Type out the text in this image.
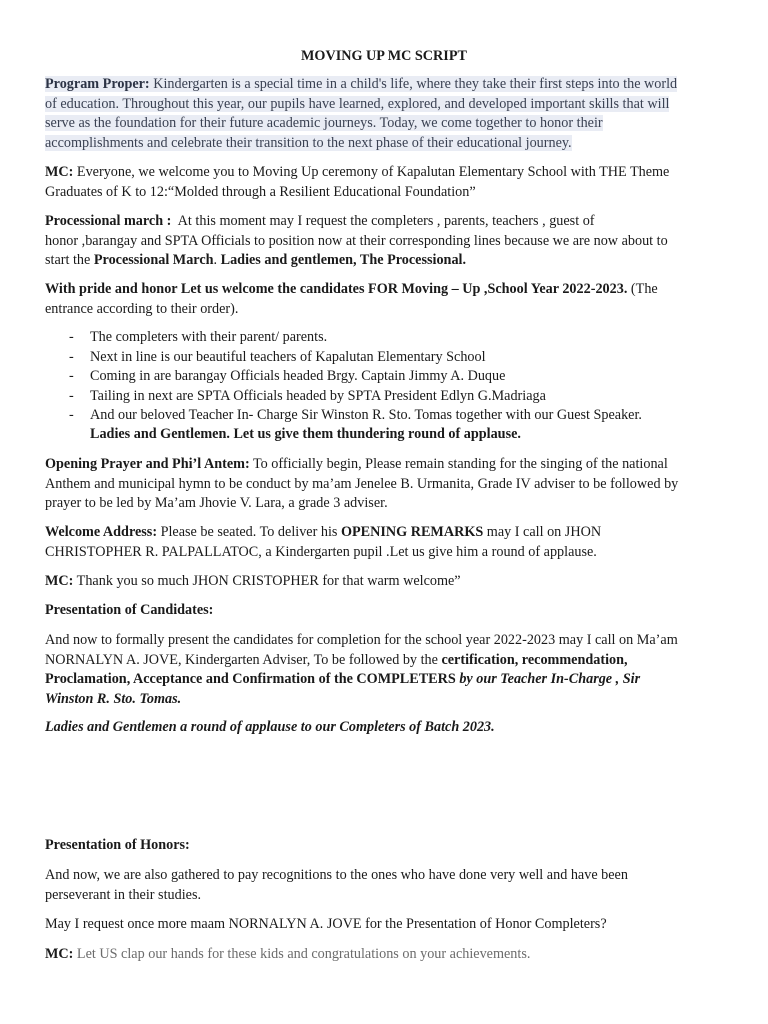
MOVING UP MC SCRIPT
Program Proper: Kindergarten is a special time in a child's life, where they take their first steps into the world
of education. Throughout this year, our pupils have learned, explored, and developed important skills that will
serve as the foundation for their future academic journeys. Today, we come together to honor their
accomplishments and celebrate their transition to the next phase of their educational journey.
MC: Everyone, we welcome you to Moving Up ceremony of Kapalutan Elementary School with THE Theme
Graduates of K to 12:“Molded through a Resilient Educational Foundation”
Processional march : At this moment may I request the completers , parents, teachers , guest of
honor ,barangay and SPTA Officials to position now at their corresponding lines because we are now about to
start the Processional March. Ladies and gentlemen, The Processional.
With pride and honor Let us welcome the candidates FOR Moving – Up ,School Year 2022-2023. (The
entrance according to their order).
- The completers with their parent/ parents.
- Next in line is our beautiful teachers of Kapalutan Elementary School
- Coming in are barangay Officials headed Brgy. Captain Jimmy A. Duque
- Tailing in next are SPTA Officials headed by SPTA President Edlyn G.Madriaga
- And our beloved Teacher In- Charge Sir Winston R. Sto. Tomas together with our Guest Speaker.
Ladies and Gentlemen. Let us give them thundering round of applause.
Opening Prayer and Phi’l Antem: To officially begin, Please remain standing for the singing of the national
Anthem and municipal hymn to be conduct by ma’am Jenelee B. Urmanita, Grade IV adviser to be followed by
prayer to be led by Ma’am Jhovie V. Lara, a grade 3 adviser.
Welcome Address: Please be seated. To deliver his OPENING REMARKS may I call on JHON
CHRISTOPHER R. PALPALLATOC, a Kindergarten pupil .Let us give him a round of applause.
MC: Thank you so much JHON CRISTOPHER for that warm welcome”
Presentation of Candidates:
And now to formally present the candidates for completion for the school year 2022-2023 may I call on Ma’am
NORNALYN A. JOVE, Kindergarten Adviser, To be followed by the certification, recommendation,
Proclamation, Acceptance and Confirmation of the COMPLETERS by our Teacher In-Charge , Sir
Winston R. Sto. Tomas.
Ladies and Gentlemen a round of applause to our Completers of Batch 2023.
Presentation of Honors:
And now, we are also gathered to pay recognitions to the ones who have done very well and have been
perseverant in their studies.
May I request once more maam NORNALYN A. JOVE for the Presentation of Honor Completers?
MC: Let US clap our hands for these kids and congratulations on your achievements.
